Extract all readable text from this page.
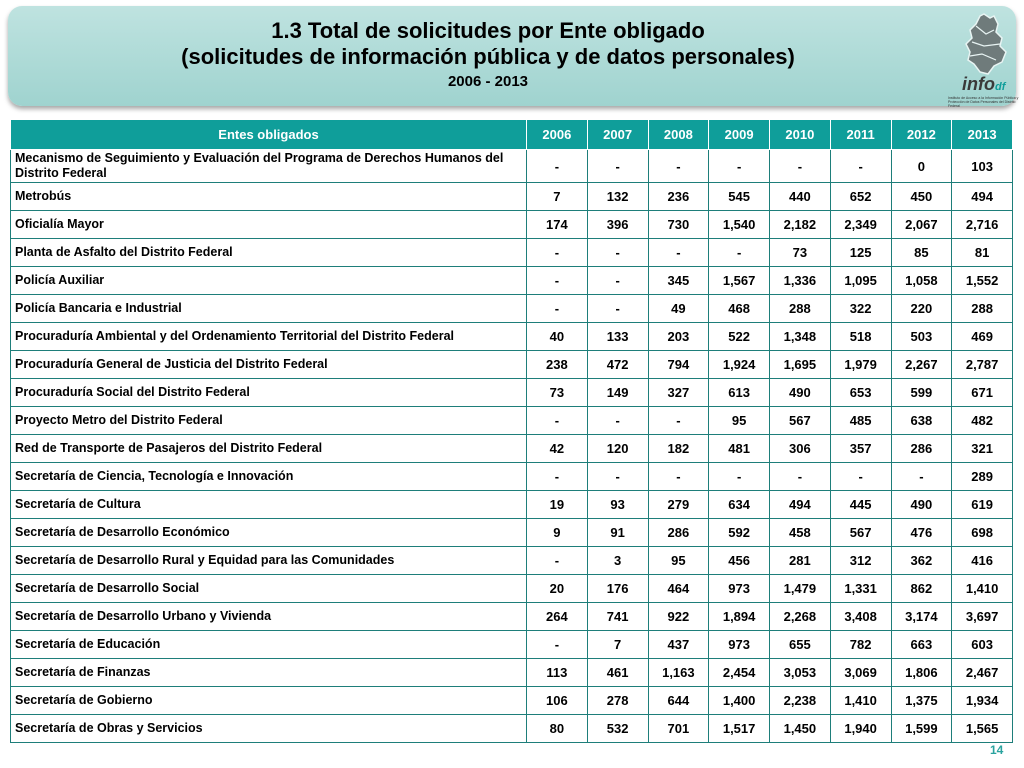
1.3 Total de solicitudes por Ente obligado
(solicitudes de información pública y de datos personales)
2006 - 2013	infodf
Instituto de Acceso a la Información Pública y Protección de Datos Personales del Distrito Federal
Entes obligados	2006	2007	2008	2009	2010	2011	2012	2013
Mecanismo de Seguimiento y Evaluación del Programa de Derechos Humanos del Distrito Federal	-	-	-	-	-	-	0	103
Metrobús	7	132	236	545	440	652	450	494
Oficialía Mayor	174	396	730	1,540	2,182	2,349	2,067	2,716
Planta de Asfalto del Distrito Federal	-	-	-	-	73	125	85	81
Policía Auxiliar	-	-	345	1,567	1,336	1,095	1,058	1,552
Policía Bancaria e Industrial	-	-	49	468	288	322	220	288
Procuraduría Ambiental y del Ordenamiento Territorial del Distrito Federal	40	133	203	522	1,348	518	503	469
Procuraduría General de Justicia del Distrito Federal	238	472	794	1,924	1,695	1,979	2,267	2,787
Procuraduría Social del Distrito Federal	73	149	327	613	490	653	599	671
Proyecto Metro del Distrito Federal	-	-	-	95	567	485	638	482
Red de Transporte de Pasajeros del Distrito Federal	42	120	182	481	306	357	286	321
Secretaría de Ciencia, Tecnología e Innovación	-	-	-	-	-	-	-	289
Secretaría de Cultura	19	93	279	634	494	445	490	619
Secretaría de Desarrollo Económico	9	91	286	592	458	567	476	698
Secretaría de Desarrollo Rural y Equidad para las Comunidades	-	3	95	456	281	312	362	416
Secretaría de Desarrollo Social	20	176	464	973	1,479	1,331	862	1,410
Secretaría de Desarrollo Urbano y Vivienda	264	741	922	1,894	2,268	3,408	3,174	3,697
Secretaría de Educación	-	7	437	973	655	782	663	603
Secretaría de Finanzas	113	461	1,163	2,454	3,053	3,069	1,806	2,467
Secretaría de Gobierno	106	278	644	1,400	2,238	1,410	1,375	1,934
Secretaría de Obras y Servicios	80	532	701	1,517	1,450	1,940	1,599	1,565
14
